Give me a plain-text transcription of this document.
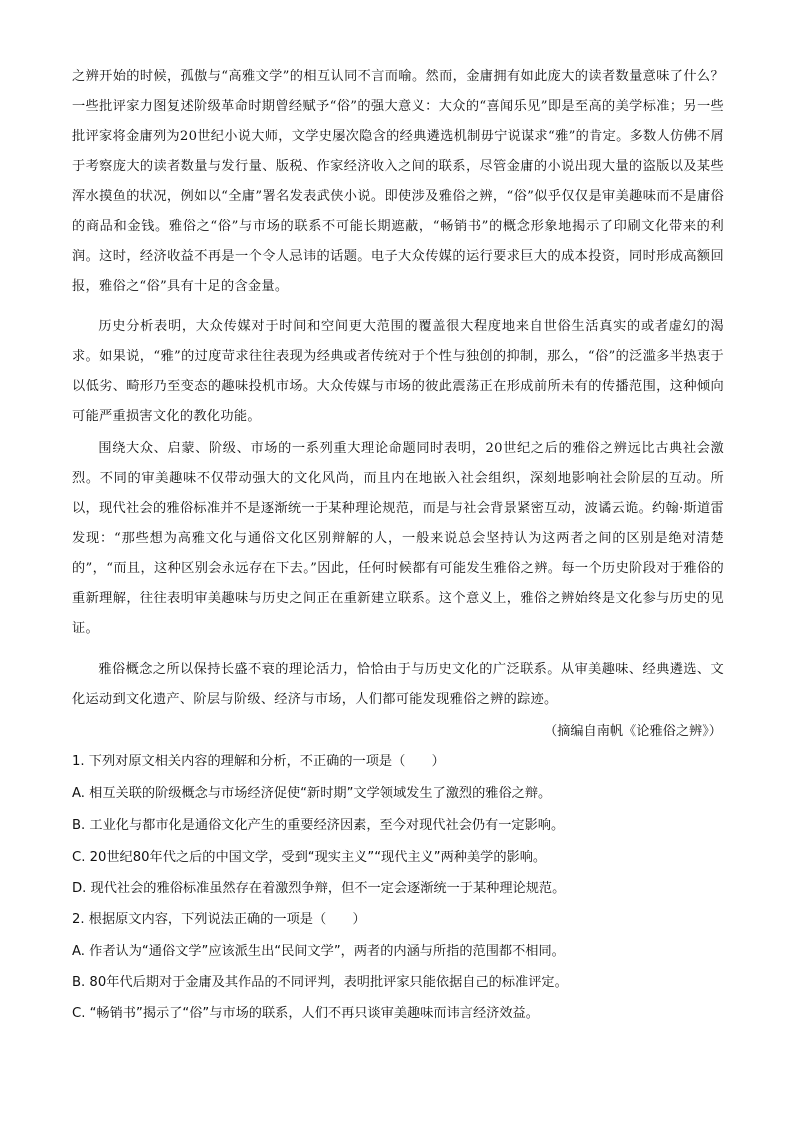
之辨开始的时候，孤傲与“高雅文学”的相互认同不言而喻。然而，金庸拥有如此庞大的读者数量意味了什么？一些批评家力图复述阶级革命时期曾经赋予“俗”的强大意义：大众的“喜闻乐见”即是至高的美学标准；另一些批评家将金庸列为20世纪小说大师，文学史屡次隐含的经典遴选机制毋宁说谋求“雅”的肯定。多数人仿佛不屑于考察庞大的读者数量与发行量、版税、作家经济收入之间的联系，尽管金庸的小说出现大量的盗版以及某些浑水摸鱼的状况，例如以“全庸”署名发表武侠小说。即使涉及雅俗之辨，“俗”似乎仅仅是审美趣味而不是庸俗的商品和金钱。雅俗之“俗”与市场的联系不可能长期遮蔽，“畅销书”的概念形象地揭示了印刷文化带来的利润。这时，经济收益不再是一个令人忌讳的话题。电子大众传媒的运行要求巨大的成本投资，同时形成高额回报，雅俗之“俗”具有十足的含金量。
历史分析表明，大众传媒对于时间和空间更大范围的覆盖很大程度地来自世俗生活真实的或者虚幻的渴求。如果说，“雅”的过度苛求往往表现为经典或者传统对于个性与独创的抑制，那么，“俗”的泛滥多半热衷于以低劣、畸形乃至变态的趣味投机市场。大众传媒与市场的彼此震荡正在形成前所未有的传播范围，这种倾向可能严重损害文化的教化功能。
围绕大众、启蒙、阶级、市场的一系列重大理论命题同时表明，20世纪之后的雅俗之辨远比古典社会激烈。不同的审美趣味不仅带动强大的文化风尚，而且内在地嵌入社会组织，深刻地影响社会阶层的互动。所以，现代社会的雅俗标准并不是逐渐统一于某种理论规范，而是与社会背景紧密互动，波谲云诡。约翰·斯道雷发现：“那些想为高雅文化与通俗文化区别辩解的人，一般来说总会坚持认为这两者之间的区别是绝对清楚的”，“而且，这种区别会永远存在下去。”因此，任何时候都有可能发生雅俗之辨。每一个历史阶段对于雅俗的重新理解，往往表明审美趣味与历史之间正在重新建立联系。这个意义上，雅俗之辨始终是文化参与历史的见证。
雅俗概念之所以保持长盛不衰的理论活力，恰恰由于与历史文化的广泛联系。从审美趣味、经典遴选、文化运动到文化遗产、阶层与阶级、经济与市场，人们都可能发现雅俗之辨的踪迹。
（摘编自南帆《论雅俗之辨》）
1. 下列对原文相关内容的理解和分析，不正确的一项是（　　）
A. 相互关联的阶级概念与市场经济促使“新时期”文学领域发生了激烈的雅俗之辩。
B. 工业化与都市化是通俗文化产生的重要经济因素，至今对现代社会仍有一定影响。
C. 20世纪80年代之后的中国文学，受到“现实主义”“现代主义”两种美学的影响。
D. 现代社会的雅俗标准虽然存在着激烈争辩，但不一定会逐渐统一于某种理论规范。
2. 根据原文内容，下列说法正确的一项是（　　）
A. 作者认为“通俗文学”应该派生出“民间文学”，两者的内涵与所指的范围都不相同。
B. 80年代后期对于金庸及其作品的不同评判，表明批评家只能依据自己的标准评定。
C. “畅销书”揭示了“俗”与市场的联系，人们不再只谈审美趣味而讳言经济效益。
